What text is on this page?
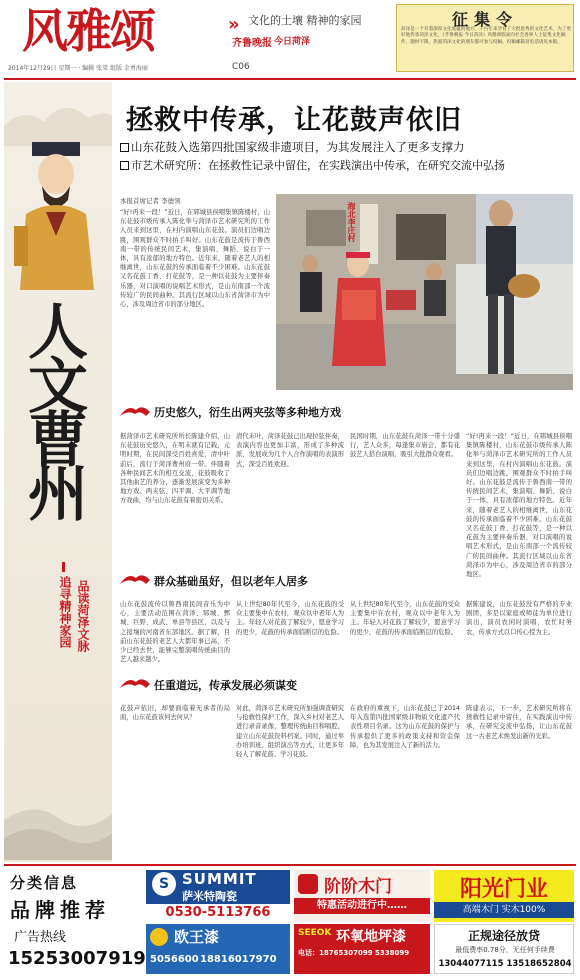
风雅颂	» 文化的土壤 精神的家园
齐鲁晚报 今日菏泽
2014年12月29日 星期一 · 编辑 张棠 组版 金勇海丽	C06
征集令
菏泽是一个有着深厚文化底蕴的地方，千百年来孕育了大批优秀的文化艺术。为了更好地传承菏泽文化，《齐鲁晚报·今日菏泽》风雅颂版面向社会各界人士征集文化稿件，题材不限，热爱菏泽文化的朋友都可参与投稿。投稿邮箱及电话请见本版。
人文曹州
追寻精神家园 品读菏泽文脉
拯救中传承，让花鼓声依旧
山东花鼓入选第四批国家级非遗项目，为其发展注入了更多支撑力
市艺术研究所：在拯救性记录中留住，在实践演出中传承，在研究交流中弘扬
本报首席记者 李德领
海北李庄村
“好!再来一段！”近日，在郓城县侯咽集镇陈楼村，山东花鼓市级传承人陈化举与菏泽市艺术研究所的工作人员来到这里，在村内演唱山东花鼓。演员们边唱边跳，围观群众不时拍手叫好。山东花鼓是流传于鲁西南一带的传统民间艺术，集演唱、舞蹈、说白于一体，具有浓郁的地方特色。近年来，随着老艺人的相继离世，山东花鼓的传承面临着不少困难。山东花鼓又名花鼓丁香、打花鼓等，是一种以花鼓为主要伴奏乐器，对口演唱的说唱艺术形式，是山东南部一个流传较广的民间曲种。其流行区域以山东省菏泽市为中心，涉及周边省市的部分地区。
历史悠久，衍生出两夹弦等多种地方戏
据菏泽市艺术研究所所长陈建介绍，山东花鼓历史悠久，在明末就有记载，元明时期，在民间深受百姓喜爱，清中叶前后，流行于菏泽曹州府一带。伴随着各种民间艺术的相互交流，花鼓吸收了其他曲艺的养分，逐渐发展演变为多种地方戏。两夹弦、四平调、大平调等地方戏曲，均与山东花鼓有着密切关系。
清代末叶，菏泽花鼓已出现拉弦伴奏，表演内容也更加丰富，形成了多种流派，发展成为几个人合作演唱的表演形式，深受百姓欢迎。
民国时期，山东花鼓在菏泽一带十分盛行，艺人众多，每逢集市庙会，都有花鼓艺人搭台演唱，吸引大批群众观看。
“好!再来一段！”近日，在郓城县侯咽集镇陈楼村，山东花鼓市级传承人陈化举与菏泽市艺术研究所的工作人员来到这里，在村内演唱山东花鼓。演员们边唱边跳，围观群众不时拍手叫好。山东花鼓是流传于鲁西南一带的传统民间艺术，集演唱、舞蹈、说白于一体，具有浓郁的地方特色。近年来，随着老艺人的相继离世，山东花鼓的传承面临着不少困难。山东花鼓又名花鼓丁香、打花鼓等，是一种以花鼓为主要伴奏乐器，对口演唱的说唱艺术形式，是山东南部一个流传较广的民间曲种。其流行区域以山东省菏泽市为中心，涉及周边省市的部分地区。
群众基础虽好，但以老年人居多
山东花鼓流传以鲁西南民间音乐为中心，主要活动范围在菏泽、郓城、鄄城、巨野、成武、单县等县区，以及与之接壤的河南省东部地区。据了解，目前山东花鼓的老艺人大都年事已高，不少已经去世，能够完整演唱传统曲目的艺人越来越少。
从上世纪80年代至今，山东花鼓的受众主要集中在农村，观众以中老年人为主。年轻人对花鼓了解较少，愿意学习的更少，花鼓的传承面临断层的危险。
从上世纪80年代至今，山东花鼓的受众主要集中在农村，观众以中老年人为主。年轻人对花鼓了解较少，愿意学习的更少，花鼓的传承面临断层的危险。
据陈建说，山东花鼓没有严格的专业剧团，多是以家庭或师徒为单位进行演出，演员农闲时演唱，农忙时务农，传承方式以口传心授为主。
任重道远，传承发展必须谋变
花鼓声依旧，却要面临着无承者的局面，山东花鼓该何去何从？
对此，菏泽市艺术研究所加强调查研究与抢救性保护工作，深入乡村对老艺人进行录音录像，整理传统曲目和唱腔，建立山东花鼓资料档案。同时，通过举办培训班、组织演出等方式，让更多年轻人了解花鼓、学习花鼓。
在政府的重视下，山东花鼓已于2014年入选第四批国家级非物质文化遗产代表性项目名录。这为山东花鼓的保护与传承提供了更多的政策支持和资金保障，也为其发展注入了新的活力。
陈建表示，下一步，艺术研究所将在拯救性记录中留住，在实践演出中传承，在研究交流中弘扬，让山东花鼓这一古老艺术焕发出新的光彩。
分类信息
品牌推荐
广告热线
15253007919
S SUMMIT
萨米特陶瓷
0530-5113766
欧王漆
5056600 18816017970
阶阶木门
特惠活动进行中……
SEEOK 环氧地坪漆
电话：18765307099 5338099
阳光门业
高端木门 实木100%
正规途径放贷
最低费率0.78分，无任何手续费
13044077115 13518652804
